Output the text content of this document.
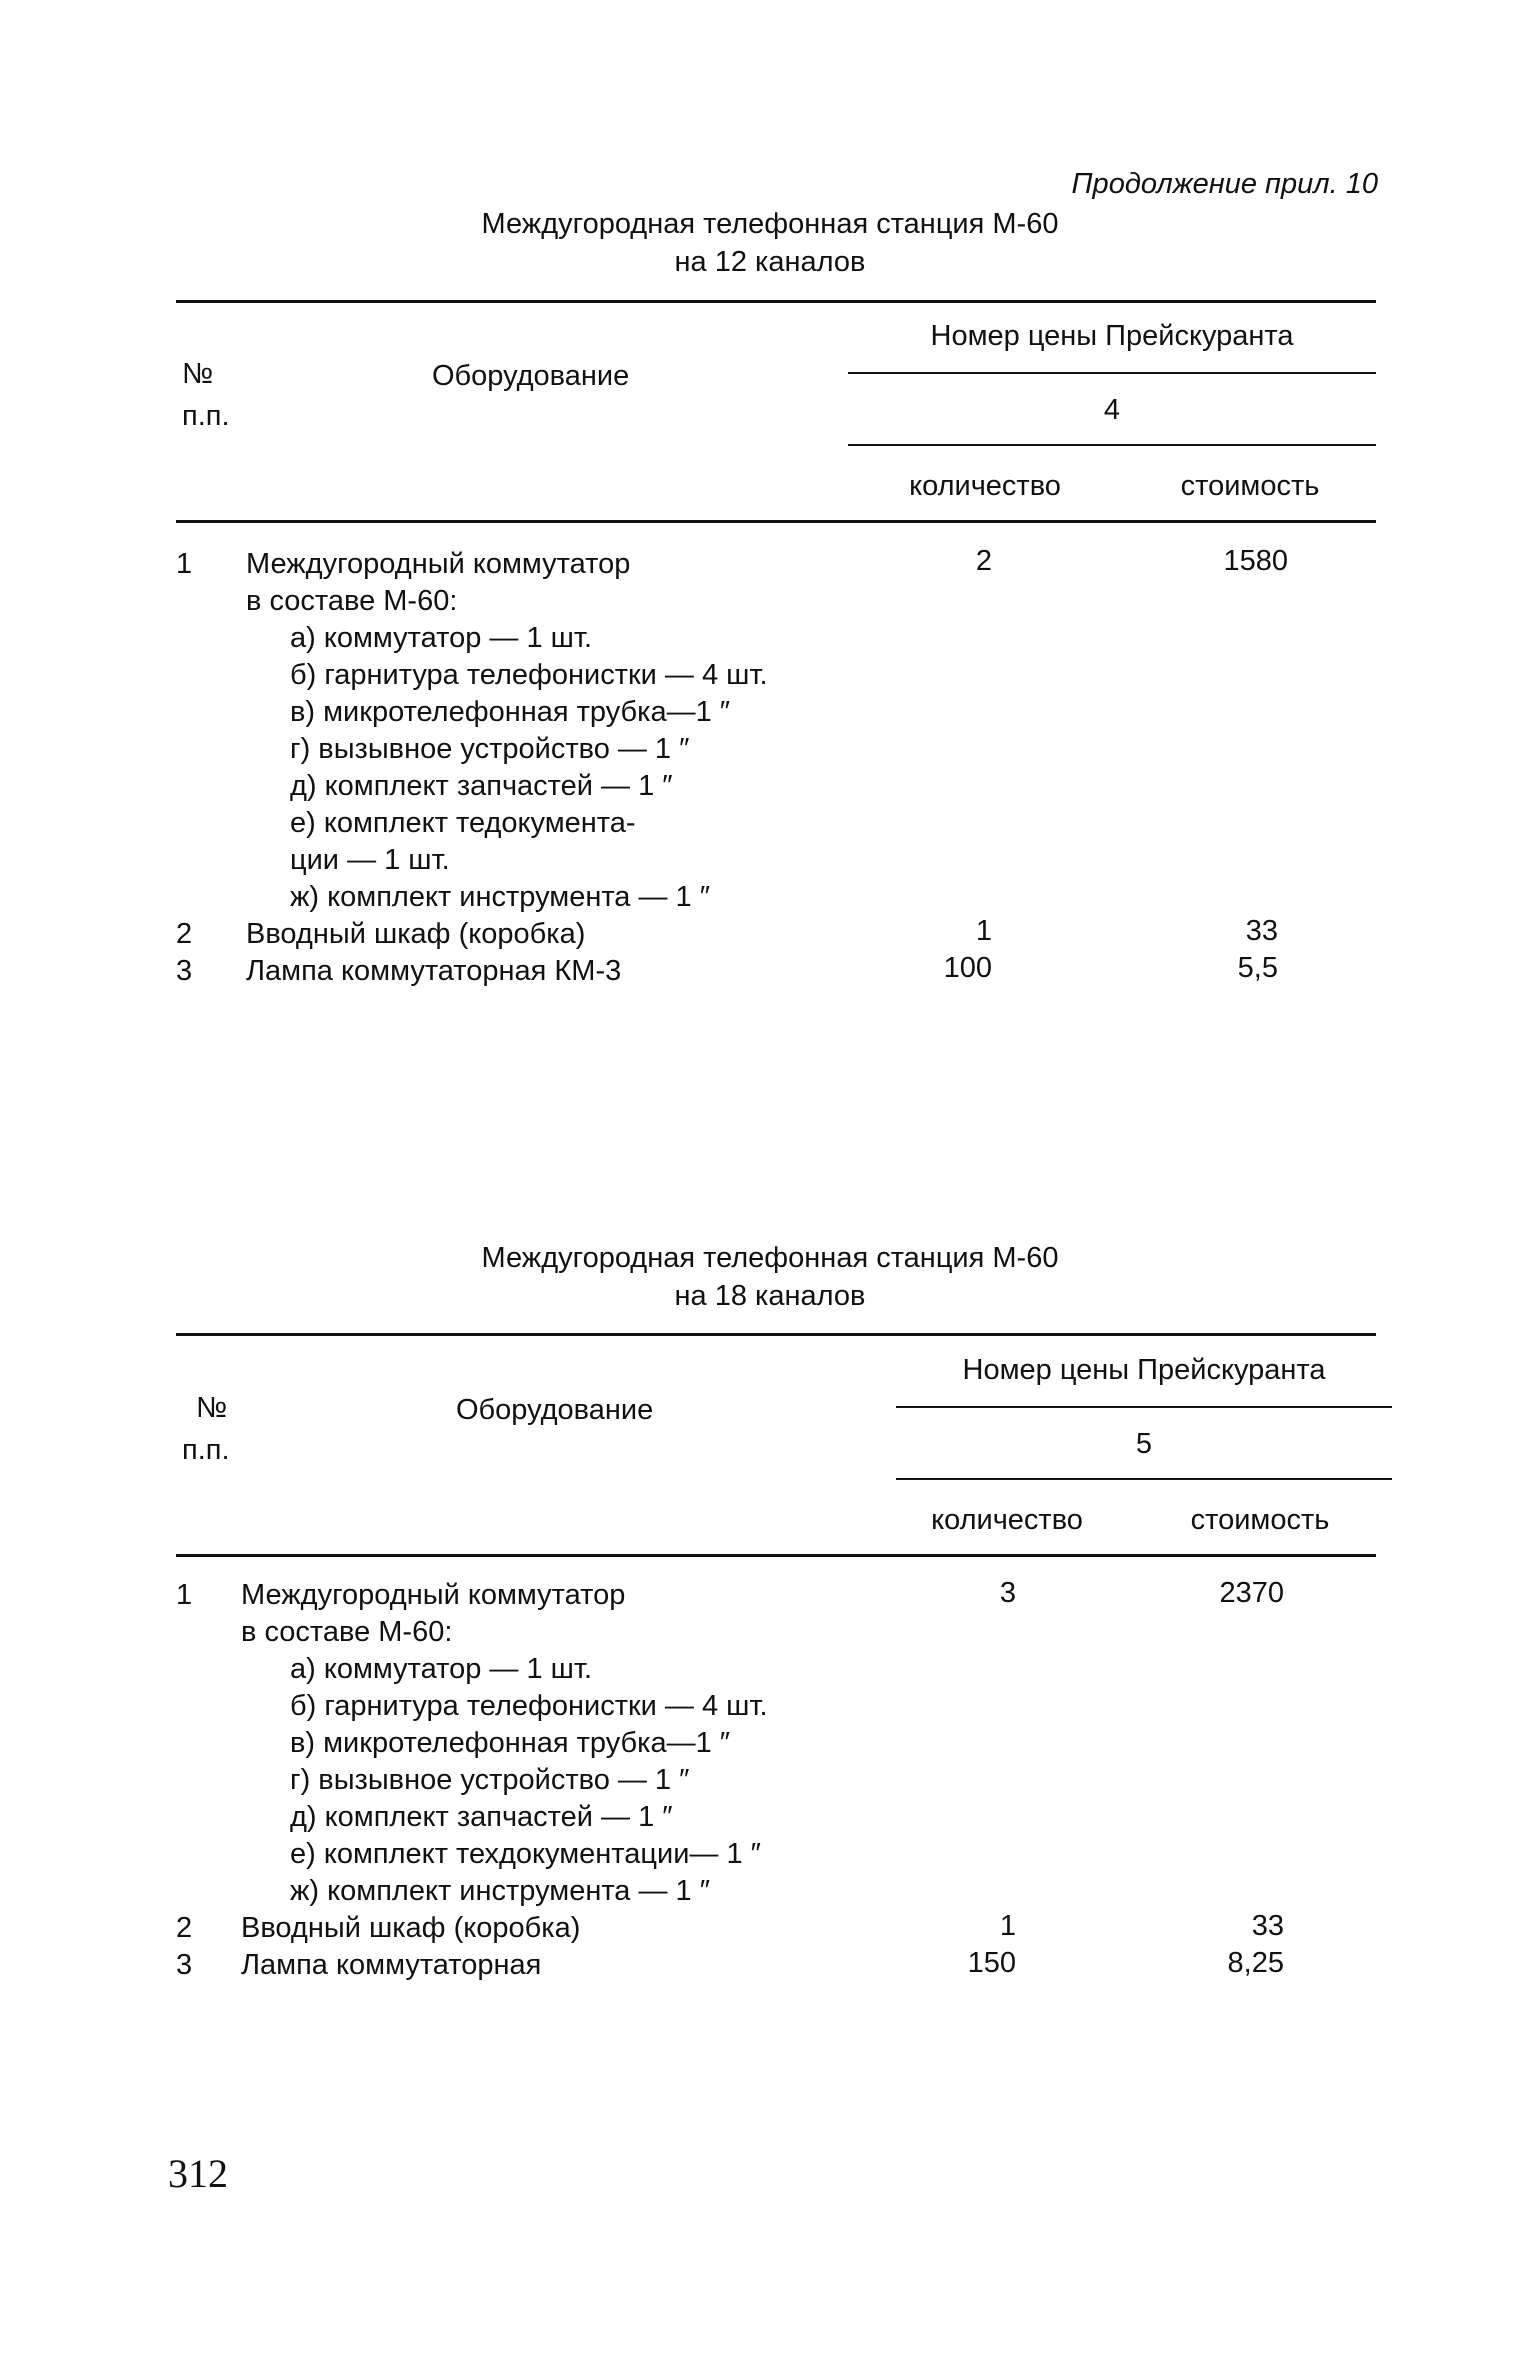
Продолжение прил. 10
Междугородная телефонная станция М-60
на 12 каналов
№
п.п.
Оборудование
Номер цены Прейскуранта
4
количество	стоимость
1 Междугородный коммутатор	2	1580
в составе М-60:
а) коммутатор — 1 шт.
б) гарнитура телефонистки — 4 шт.
в) микротелефонная трубка—1 ″
г) вызывное устройство — 1 ″
д) комплект запчастей — 1 ″
е) комплект тедокумента-
ции — 1 шт.
ж) комплект инструмента — 1 ″
2 Вводный шкаф (коробка)	1	33
3 Лампа коммутаторная КМ-3	100	5,5
Междугородная телефонная станция М-60
на 18 каналов
№
п.п.
Оборудование
Номер цены Прейскуранта
5
количество	стоимость
1 Междугородный коммутатор	3	2370
в составе М-60:
а) коммутатор — 1 шт.
б) гарнитура телефонистки — 4 шт.
в) микротелефонная трубка—1 ″
г) вызывное устройство — 1 ″
д) комплект запчастей — 1 ″
е) комплект техдокументации— 1 ″
ж) комплект инструмента — 1 ″
2 Вводный шкаф (коробка)	1	33
3 Лампа коммутаторная	150	8,25
312
